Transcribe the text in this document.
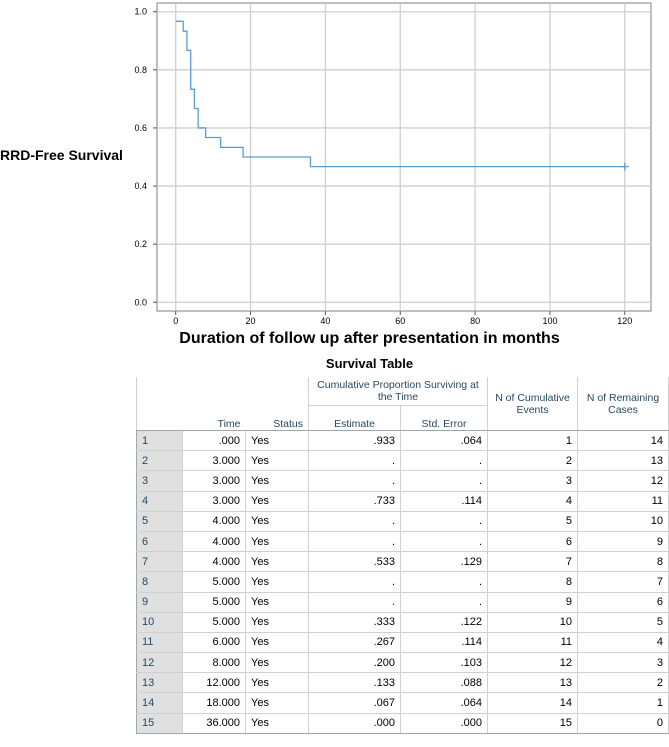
0	20	40	60	80	100	120
0.0
0.2
0.4
0.6
0.8
1.0
RRD-Free Survival
Duration of follow up after presentation in months
Survival Table
			Cumulative Proportion Surviving at the Time		N of Cumulative Events	N of Remaining Cases
	Time	Status	Estimate	Std. Error		
1	.000	Yes	.933	.064	1	14
2	3.000	Yes	.	.	2	13
3	3.000	Yes	.	.	3	12
4	3.000	Yes	.733	.114	4	11
5	4.000	Yes	.	.	5	10
6	4.000	Yes	.	.	6	9
7	4.000	Yes	.533	.129	7	8
8	5.000	Yes	.	.	8	7
9	5.000	Yes	.	.	9	6
10	5.000	Yes	.333	.122	10	5
11	6.000	Yes	.267	.114	11	4
12	8.000	Yes	.200	.103	12	3
13	12.000	Yes	.133	.088	13	2
14	18.000	Yes	.067	.064	14	1
15	36.000	Yes	.000	.000	15	0
